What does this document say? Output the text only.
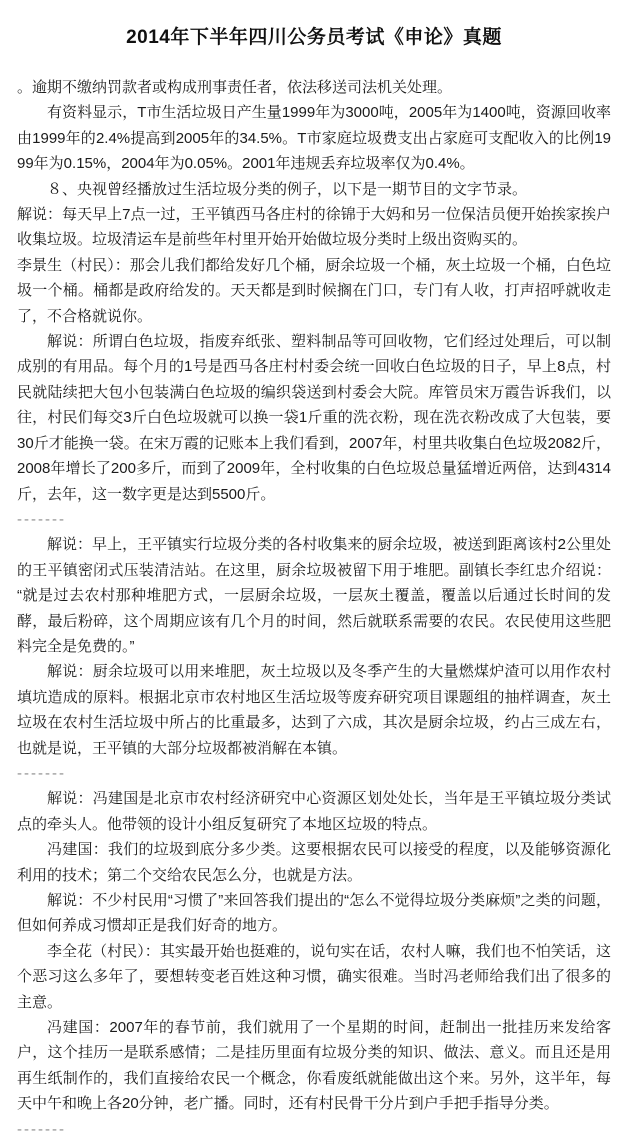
2014年下半年四川公务员考试《申论》真题

。逾期不缴纳罚款者或构成刑事责任者，依法移送司法机关处理。

有资料显示，T市生活垃圾日产生量1999年为3000吨，2005年为1400吨，资源回收率由1999年的2.4%提高到2005年的34.5%。T市家庭垃圾费支出占家庭可支配收入的比例1999年为0.15%，2004年为0.05%。2001年违规丢弃垃圾率仅为0.4%。

８、央视曾经播放过生活垃圾分类的例子，以下是一期节目的文字节录。

解说：每天早上7点一过，王平镇西马各庄村的徐锦于大妈和另一位保洁员便开始挨家挨户收集垃圾。垃圾清运车是前些年村里开始开始做垃圾分类时上级出资购买的。

李景生（村民）：那会儿我们都给发好几个桶，厨余垃圾一个桶，灰土垃圾一个桶，白色垃圾一个桶。桶都是政府给发的。天天都是到时候搁在门口，专门有人收，打声招呼就收走了，不合格就说你。

解说：所谓白色垃圾，指废弃纸张、塑料制品等可回收物，它们经过处理后，可以制成别的有用品。每个月的1号是西马各庄村村委会统一回收白色垃圾的日子，早上8点，村民就陆续把大包小包装满白色垃圾的编织袋送到村委会大院。库管员宋万霞告诉我们，以往，村民们每交3斤白色垃圾就可以换一袋1斤重的洗衣粉，现在洗衣粉改成了大包装，要30斤才能换一袋。在宋万霞的记账本上我们看到，2007年，村里共收集白色垃圾2082斤，2008年增长了200多斤，而到了2009年，全村收集的白色垃圾总量猛增近两倍，达到4314斤，去年，这一数字更是达到5500斤。

-------

解说：早上，王平镇实行垃圾分类的各村收集来的厨余垃圾，被送到距离该村2公里处的王平镇密闭式压装清洁站。在这里，厨余垃圾被留下用于堆肥。副镇长李红忠介绍说：“就是过去农村那种堆肥方式，一层厨余垃圾，一层灰土覆盖，覆盖以后通过长时间的发酵，最后粉碎，这个周期应该有几个月的时间，然后就联系需要的农民。农民使用这些肥料完全是免费的。”

解说：厨余垃圾可以用来堆肥，灰土垃圾以及冬季产生的大量燃煤炉渣可以用作农村填坑造成的原料。根据北京市农村地区生活垃圾等废弃研究项目课题组的抽样调查，灰土垃圾在农村生活垃圾中所占的比重最多，达到了六成，其次是厨余垃圾，约占三成左右，也就是说，王平镇的大部分垃圾都被消解在本镇。

-------

解说：冯建国是北京市农村经济研究中心资源区划处处长，当年是王平镇垃圾分类试点的牵头人。他带领的设计小组反复研究了本地区垃圾的特点。

冯建国：我们的垃圾到底分多少类。这要根据农民可以接受的程度，以及能够资源化利用的技术；第二个交给农民怎么分，也就是方法。

解说：不少村民用“习惯了”来回答我们提出的“怎么不觉得垃圾分类麻烦”之类的问题，但如何养成习惯却正是我们好奇的地方。

李全花（村民）：其实最开始也挺难的，说句实在话，农村人嘛，我们也不怕笑话，这个恶习这么多年了，要想转变老百姓这种习惯，确实很难。当时冯老师给我们出了很多的主意。

冯建国：2007年的春节前，我们就用了一个星期的时间，赶制出一批挂历来发给客户，这个挂历一是联系感情；二是挂历里面有垃圾分类的知识、做法、意义。而且还是用再生纸制作的，我们直接给农民一个概念，你看废纸就能做出这个来。另外，这半年，每天中午和晚上各20分钟，老广播。同时，还有村民骨干分片到户手把手指导分类。

-------
